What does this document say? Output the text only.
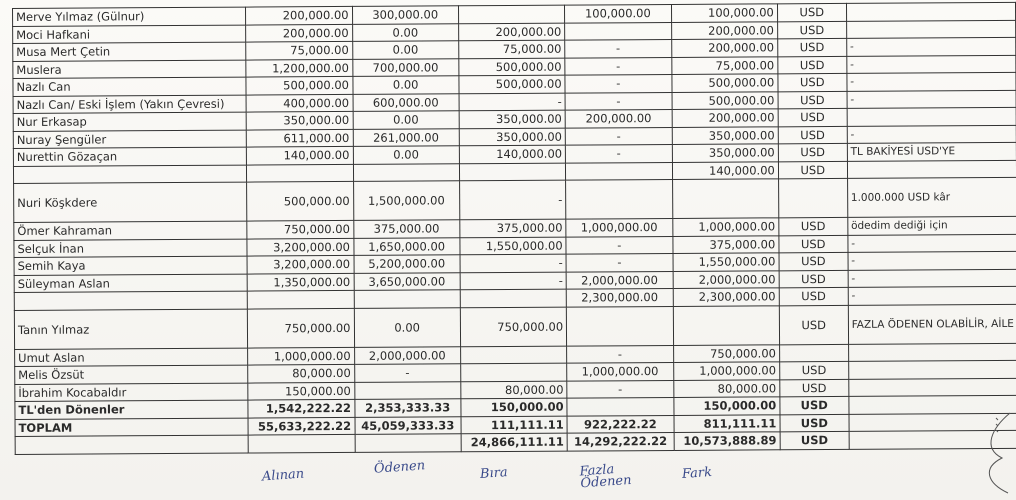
Merve Yılmaz (Gülnur)	200,000.00	300,000.00		100,000.00	100,000.00	USD	
Moci Hafkani	200,000.00	0.00	200,000.00		200,000.00	USD	
Musa Mert Çetin	75,000.00	0.00	75,000.00	-	200,000.00	USD	-
Muslera	1,200,000.00	700,000.00	500,000.00	-	75,000.00	USD	-
Nazlı Can	500,000.00	0.00	500,000.00	-	500,000.00	USD	-
Nazlı Can/ Eski İşlem (Yakın Çevresi)	400,000.00	600,000.00	-	-	500,000.00	USD	-
Nur Erkasap	350,000.00	0.00	350,000.00	200,000.00	200,000.00	USD	
Nuray Şengüler	611,000.00	261,000.00	350,000.00	-	350,000.00	USD	-
Nurettin Gözaçan	140,000.00	0.00	140,000.00	-	350,000.00	USD	TL BAKİYESİ USD'YE
					140,000.00	USD	
Nuri Köşkdere	500,000.00	1,500,000.00	-				1.000.000 USD kâr
Ömer Kahraman	750,000.00	375,000.00	375,000.00	1,000,000.00	1,000,000.00	USD	ödedim dediği için
Selçuk İnan	3,200,000.00	1,650,000.00	1,550,000.00	-	375,000.00	USD	-
Semih Kaya	3,200,000.00	5,200,000.00	-	-	1,550,000.00	USD	-
Süleyman Aslan	1,350,000.00	3,650,000.00	-	2,000,000.00	2,000,000.00	USD	-
				2,300,000.00	2,300,000.00	USD	-
Tanın Yılmaz	750,000.00	0.00	750,000.00			USD	FAZLA ÖDENEN OLABİLİR, AİLE
Umut Aslan	1,000,000.00	2,000,000.00		-	750,000.00		
Melis Özsüt	80,000.00	-		1,000,000.00	1,000,000.00	USD	
İbrahim Kocabaldır	150,000.00		80,000.00	-	80,000.00	USD	
TL'den Dönenler	1,542,222.22	2,353,333.33	150,000.00		150,000.00	USD	
TOPLAM	55,633,222.22	45,059,333.33	111,111.11	922,222.22	811,111.11	USD	
			24,866,111.11	14,292,222.22	10,573,888.89	USD	
Alınan	Ödenen	Bıra	Fazla Ödenen	Fark
